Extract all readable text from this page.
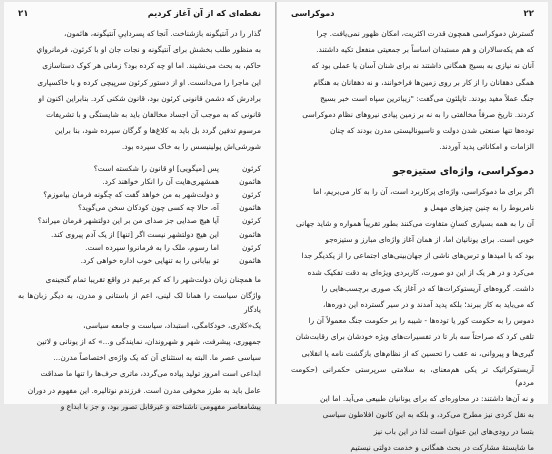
نقطه‌ای که از آن آغاز کردیم
۲۱
گذار را در آنتیگونه بازشناخت. آنجا که پسرداییِ آنتیگونه، هائمون،
به منظور طلب بخشش برای آنتیگونه و نجات جان او با کرئون، فرمانرواي
حاکم، به بحث می‌نشیند. اما او چه کرده بود؟ زمانی هر کوک دستاسازی
این ماجرا را می‌دانست. او از دستور کرئون سرپیچی کرده و با خاکسپاری
برادرش که دشمن قانونی کرئون بود، قانون شکنی کرد. بنابراین اکنون او
قانونی که به موجب آن اجساد مخالفان باید به شایستگی و با تشریفات
مرسوم تدفین گردد بل باید به کلاغ‌ها و گرگان سپرده شود، بنا براین
شورشی‌اش پولینیسس را به خاک سپرده بود.
کرئون
پس [میگویی] او قانون را شکسته است؟
هائمون
همشهری‌هایت آن را انکار خواهند کرد.
کرئون
و دولت‌شهر به من خواهد گفت که چگونه فرمان بیاموزم؟
هائمون
آه، حالا چه کسی چون کودکان سخن می‌گوید؟
کرئون
آیا هیچ صدایی جز صدای من بر این دولتشهر فرمان میراند؟
هائمون
این هیچ دولتشهر نیست اگر [تنها] از یک آدم پیروی کند.
کرئون
اما رسوم، ملک را به فرمانروا سپرده است.
هائمون
تو بیابانی را به تنهایی خوب اداره خواهی کرد.
ما همچنان زبان دولت‌شهر را که کم برعیم در واقع تقریبا تمام گنجینه‌ی
واژگان سیاست را همانا لک لینی، اعم از باستانی و مدرن، به دیگر زبان‌ها به یادگار
یک«کلاری، خودکامگی، استبداد، سیاست و جامعه سیاسی،
جمهوری، پیشرفت، شهر و شهروندان، نمایندگی و...» که از یونانی و لاتین
سیاسی عصر ما. البته به استثنای آن که یک واژه‌ی اختصاصاً مدرن...
ابداعی است امروز تولید پیاده می‌گردد، ماتری حرف‌ها را تنها ما صداقت
عامل باید به طرز مخوفی مدرن است. فرزندم نوتالیره. این مفهوم در دوران
پیشامعاصر مفهومی ناشناخته و غیرقابل تصور بود، و جز با ابداع و
۲۲
دموکراسی
گسترش دموکراسی همچون قدرت اکثریت، امکان ظهور نمی‌یافت. چرا
که هم یکه‌سالاران و هم مستبدان اساساً بر جمعیتی منفعل تکیه داشتند.
آنان نه نیازی به بسیج همگانی داشتند نه برای شنان آسان یا عملی بود که
همگی دهقانان را از کار بر روی زمین‌ها فراخوانند، و نه دهقانان به هنگام
جنگ عملاً مفید بودند. تاپلئون می‌گفت: "زیباترین سپاه است خبر بسیج
کردند. تاریخ صرفاً مخالفتی را به نه بر زمین پیادی نیروهای نظام دموکراسی
توده‌ها تنها صنعتی شدن دولت و تاسیونالیستی مدرن بودند که چنان
الزامات و امکاناتی پدید آوردند.
دموکراسی، واژه‌ای ستیزه‌جو
اگر برای ما دموکراسی، واژه‌ای پرکاربرد است، آن را به کار می‌بریم، اما
نامربوط را به چنین چیزهای مهمل و
آن را به همه بسیاری کسانِ متفاوت می‌کنند بطور تقریباً همواره و شاید جهانی
خوبی است. برای یونانیان اما، از همان آغاز واژه‌ای مبارز و ستیزه‌جو
بود که با امیدها و ترس‌های ناشی از جهان‌بینی‌های اجتماعی را از یکدیگر جدا
می‌کرد و در هر یک از این دو صورت، کاربردی ویژه‌ای به دقت تفکیک شده
داشت. گروه‌های آریستوکرات‌ها که در آغاز یک صوری برچسب‌هایی را
که می‌باید به کار ببرند؛ بلکه پدید آمدند و در سیر گسترده این دوره‌ها،
دموس را به حکومت کور یا توده‌ها - شیبه را بر حکومت جنگ معمولاً آن را
تلقی کرد که صراحتاً سه بار تا در تفسیرات‌های ویژه خودشان برای رقابت‌شان
گیری‌ها و پیروانی، نه عقب را تحسین که از نظام‌های بازگشت نامه یا انقلابی
آریستوکراتیک تر یکی هم‌معنای، به سلامتی سرپرستی حکمرانی (حکومت مردم)
و نه آن‌ها داشتند: در محاوره‌ای که برای یونانیان طبیعی می‌آید. اما این
به نقل کردی نیز مطرح می‌کرد، و بلکه به این کانون افلاطون سیاسی
بتسا در رودی‌های این عنوان است لذا در این باب نیز
ما شایستهٔ مشارکت در بحث همگانی و خدمت دولتی نیستیم
